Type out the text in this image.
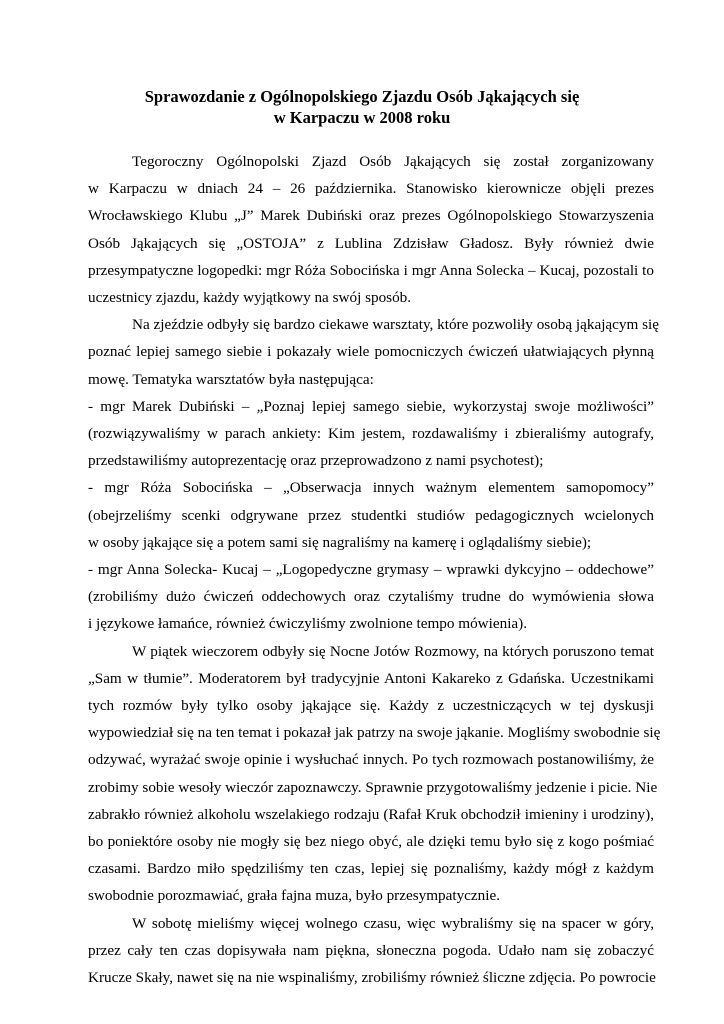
Sprawozdanie z Ogólnopolskiego Zjazdu Osób Jąkających się
w Karpaczu w 2008 roku

Tegoroczny Ogólnopolski Zjazd Osób Jąkających się został zorganizowany

w Karpaczu w dniach 24 – 26 października. Stanowisko kierownicze objęli prezes

Wrocławskiego Klubu „J” Marek Dubiński oraz prezes Ogólnopolskiego Stowarzyszenia

Osób Jąkających się „OSTOJA” z Lublina Zdzisław Gładosz. Były również dwie

przesympatyczne logopedki: mgr Róża Sobocińska i mgr Anna Solecka – Kucaj, pozostali to

uczestnicy zjazdu, każdy wyjątkowy na swój sposób.

Na zjeździe odbyły się bardzo ciekawe warsztaty, które pozwoliły osobą jąkającym się

poznać lepiej samego siebie i pokazały wiele pomocniczych ćwiczeń ułatwiających płynną

mowę. Tematyka warsztatów była następująca:

- mgr Marek Dubiński – „Poznaj lepiej samego siebie, wykorzystaj swoje możliwości”

(rozwiązywaliśmy w parach ankiety: Kim jestem, rozdawaliśmy i zbieraliśmy autografy,

przedstawiliśmy autoprezentację oraz przeprowadzono z nami psychotest);

- mgr Róża Sobocińska – „Obserwacja innych ważnym elementem samopomocy”

(obejrzeliśmy scenki odgrywane przez studentki studiów pedagogicznych wcielonych

w osoby jąkające się a potem sami się nagraliśmy na kamerę i oglądaliśmy siebie);

- mgr Anna Solecka- Kucaj – „Logopedyczne grymasy – wprawki dykcyjno – oddechowe”

(zrobiliśmy dużo ćwiczeń oddechowych oraz czytaliśmy trudne do wymówienia słowa

i językowe łamańce, również ćwiczyliśmy zwolnione tempo mówienia).

W piątek wieczorem odbyły się Nocne Jotów Rozmowy, na których poruszono temat

„Sam w tłumie”. Moderatorem był tradycyjnie Antoni Kakareko z Gdańska. Uczestnikami

tych rozmów były tylko osoby jąkające się. Każdy z uczestniczących w tej dyskusji

wypowiedział się na ten temat i pokazał jak patrzy na swoje jąkanie. Mogliśmy swobodnie się

odzywać, wyrażać swoje opinie i wysłuchać innych. Po tych rozmowach postanowiliśmy, że

zrobimy sobie wesoły wieczór zapoznawczy. Sprawnie przygotowaliśmy jedzenie i picie. Nie

zabrakło również alkoholu wszelakiego rodzaju (Rafał Kruk obchodził imieniny i urodziny),

bo poniektóre osoby nie mogły się bez niego obyć, ale dzięki temu było się z kogo pośmiać

czasami. Bardzo miło spędziliśmy ten czas, lepiej się poznaliśmy, każdy mógł z każdym

swobodnie porozmawiać, grała fajna muza, było przesympatycznie.

W sobotę mieliśmy więcej wolnego czasu, więc wybraliśmy się na spacer w góry,

przez cały ten czas dopisywała nam piękna, słoneczna pogoda. Udało nam się zobaczyć

Krucze Skały, nawet się na nie wspinaliśmy, zrobiliśmy również śliczne zdjęcia. Po powrocie
